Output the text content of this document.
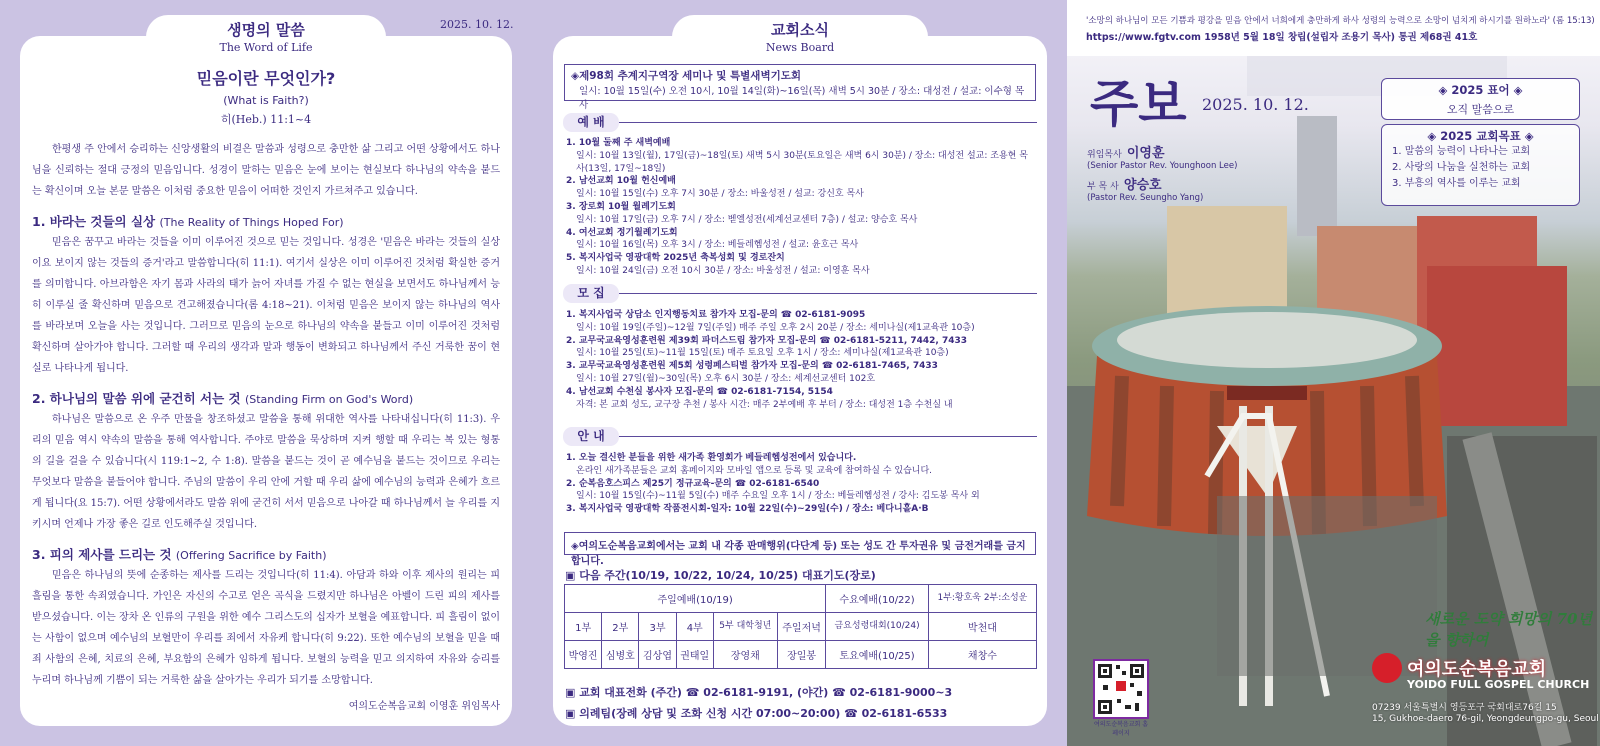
믿음이란 무엇인가?
(What is Faith?)
히(Heb.) 11:1~4

한평생 주 안에서 승리하는 신앙생활의 비결은 말씀과 성령으로 충만한 삶 그리고 어떤 상황에서도 하나님을 신뢰하는 절대 긍정의 믿음입니다. 성경이 말하는 믿음은 눈에 보이는 현실보다 하나님의 약속을 붙드는 확신이며 오늘 본문 말씀은 이처럼 중요한 믿음이 어떠한 것인지 가르쳐주고 있습니다.

1. 바라는 것들의 실상 (The Reality of Things Hoped For)

믿음은 꿈꾸고 바라는 것들을 이미 이루어진 것으로 믿는 것입니다. 성경은 '믿음은 바라는 것들의 실상이요 보이지 않는 것들의 증거'라고 말씀합니다(히 11:1). 여기서 실상은 이미 이루어진 것처럼 확실한 증거를 의미합니다. 아브라함은 자기 몸과 사라의 태가 늙어 자녀를 가질 수 없는 현실을 보면서도 하나님께서 능히 이루실 줄 확신하며 믿음으로 견고해졌습니다(롬 4:18~21). 이처럼 믿음은 보이지 않는 하나님의 역사를 바라보며 오늘을 사는 것입니다. 그러므로 믿음의 눈으로 하나님의 약속을 붙들고 이미 이루어진 것처럼 확신하며 살아가야 합니다. 그러할 때 우리의 생각과 말과 행동이 변화되고 하나님께서 주신 거룩한 꿈이 현실로 나타나게 됩니다.

2. 하나님의 말씀 위에 굳건히 서는 것 (Standing Firm on God's Word)

하나님은 말씀으로 온 우주 만물을 창조하셨고 말씀을 통해 위대한 역사를 나타내십니다(히 11:3). 우리의 믿음 역시 약속의 말씀을 통해 역사합니다. 주야로 말씀을 묵상하며 지켜 행할 때 우리는 복 있는 형통의 길을 걸을 수 있습니다(시 119:1~2, 수 1:8). 말씀을 붙드는 것이 곧 예수님을 붙드는 것이므로 우리는 무엇보다 말씀을 붙들어야 합니다. 주님의 말씀이 우리 안에 거할 때 우리 삶에 예수님의 능력과 은혜가 흐르게 됩니다(요 15:7). 어떤 상황에서라도 말씀 위에 굳건히 서서 믿음으로 나아갈 때 하나님께서 늘 우리를 지키시며 언제나 가장 좋은 길로 인도해주실 것입니다.

3. 피의 제사를 드리는 것 (Offering Sacrifice by Faith)

믿음은 하나님의 뜻에 순종하는 제사를 드리는 것입니다(히 11:4). 아담과 하와 이후 제사의 원리는 피 흘림을 통한 속죄였습니다. 가인은 자신의 수고로 얻은 곡식을 드렸지만 하나님은 아벨이 드린 피의 제사를 받으셨습니다. 이는 장차 온 인류의 구원을 위한 예수 그리스도의 십자가 보혈을 예표합니다. 피 흘림이 없이는 사함이 없으며 예수님의 보혈만이 우리를 죄에서 자유케 합니다(히 9:22). 또한 예수님의 보혈을 믿을 때 죄 사함의 은혜, 치료의 은혜, 부요함의 은혜가 임하게 됩니다. 보혈의 능력을 믿고 의지하여 자유와 승리를 누리며 하나님께 기쁨이 되는 거룩한 삶을 살아가는 우리가 되기를 소망합니다.

여의도순복음교회 이영훈 위임목사
생명의 말씀
The Word of Life
2025. 10. 12.	교회소식
News Board
◈제98회 추계지구역장 세미나 및 특별새벽기도회
일시: 10월 15일(수) 오전 10시, 10월 14일(화)~16일(목) 새벽 5시 30분 / 장소: 대성전 / 설교: 이수형 목사
예 배
1. 10월 둘째 주 새벽예배
일시: 10월 13일(월), 17일(금)~18일(토) 새벽 5시 30분(토요일은 새벽 6시 30분) / 장소: 대성전 설교: 조용현 목사(13일, 17일~18일)
2. 남선교회 10월 헌신예배
일시: 10월 15일(수) 오후 7시 30분 / 장소: 바울성전 / 설교: 강신호 목사
3. 장로회 10월 월례기도회
일시: 10월 17일(금) 오후 7시 / 장소: 벧엘성전(세계선교센터 7층) / 설교: 양승호 목사
4. 여선교회 정기월례기도회
일시: 10월 16일(목) 오후 3시 / 장소: 베들레헴성전 / 설교: 윤호근 목사
5. 복지사업국 영광대학 2025년 축복성회 및 경로잔치
일시: 10월 24일(금) 오전 10시 30분 / 장소: 바울성전 / 설교: 이영훈 목사
모 집
1. 복지사업국 상담소 인지행동치료 참가자 모집-문의 ☎ 02-6181-9095
일시: 10월 19일(주일)~12월 7일(주일) 매주 주일 오후 2시 20분 / 장소: 세미나실(제1교육관 10층)
2. 교무국교육영성훈련원 제39회 파더스드림 참가자 모집-문의 ☎ 02-6181-5211, 7442, 7433
일시: 10월 25일(토)~11월 15일(토) 매주 토요일 오후 1시 / 장소: 세미나실(제1교육관 10층)
3. 교무국교육영성훈련원 제5회 성령페스티벌 참가자 모집-문의 ☎ 02-6181-7465, 7433
일시: 10월 27일(월)~30일(목) 오후 6시 30분 / 장소: 세계선교센터 102호
4. 남선교회 수천실 봉사자 모집-문의 ☎ 02-6181-7154, 5154
자격: 본 교회 성도, 교구장 추천 / 봉사 시간: 매주 2부예배 후 부터 / 장소: 대성전 1층 수천실 내
안 내
1. 오늘 결신한 분들을 위한 새가족 환영회가 베들레헴성전에서 있습니다.
온라인 새가족분들은 교회 홈페이지와 모바일 앱으로 등록 및 교육에 참여하실 수 있습니다.
2. 순복음호스피스 제25기 정규교육-문의 ☎ 02-6181-6540
일시: 10월 15일(수)~11월 5일(수) 매주 수요일 오후 1시 / 장소: 베들레헴성전 / 강사: 김도봉 목사 외
3. 복지사업국 영광대학 작품전시회-일자: 10월 22일(수)~29일(수) / 장소: 베다니홀A·B
◈여의도순복음교회에서는 교회 내 각종 판매행위(다단계 등) 또는 성도 간 투자권유 및 금전거래를 금지합니다.
▣ 다음 주간(10/19, 10/22, 10/24, 10/25) 대표기도(장로)
주일예배(10/19)						수요예배(10/22)	1부:황호욱 2부:소성운
1부	2부	3부	4부	5부 대학청년	주일저녁	금요성령대회(10/24)	박천대
박영진	심병호	김상엽	권태일	장영채	장일봉	토요예배(10/25)	채창수
▣ 교회 대표전화 (주간) ☎ 02-6181-9191, (야간) ☎ 02-6181-9000~3
▣ 의례팀(장례 상담 및 조화 신청 시간 07:00~20:00) ☎ 02-6181-6533
'소망의 하나님이 모든 기쁨과 평강을 믿음 안에서 너희에게 충만하게 하사 성령의 능력으로 소망이 넘치게 하시기를 원하노라' (롬 15:13)
https://www.fgtv.com 1958년 5월 18일 창립(설립자 조용기 목사) 통권 제68권 41호
주보 2025. 10. 12.
위임목사 이영훈
(Senior Pastor Rev. Younghoon Lee)
부 목 사 양승호
(Pastor Rev. Seungho Yang)
◈ 2025 표어 ◈
오직 말씀으로
◈ 2025 교회목표 ◈
1. 말씀의 능력이 나타나는 교회
2. 사랑의 나눔을 실천하는 교회
3. 부흥의 역사를 이루는 교회
새로운 도약 희망의 70년을 향하여
여의도순복음교회 홈페이지
여의도순복음교회
YOIDO FULL GOSPEL CHURCH
07239 서울특별시 영등포구 국회대로76길 15
15, Gukhoe-daero 76-gil, Yeongdeungpo-gu, Seoul
